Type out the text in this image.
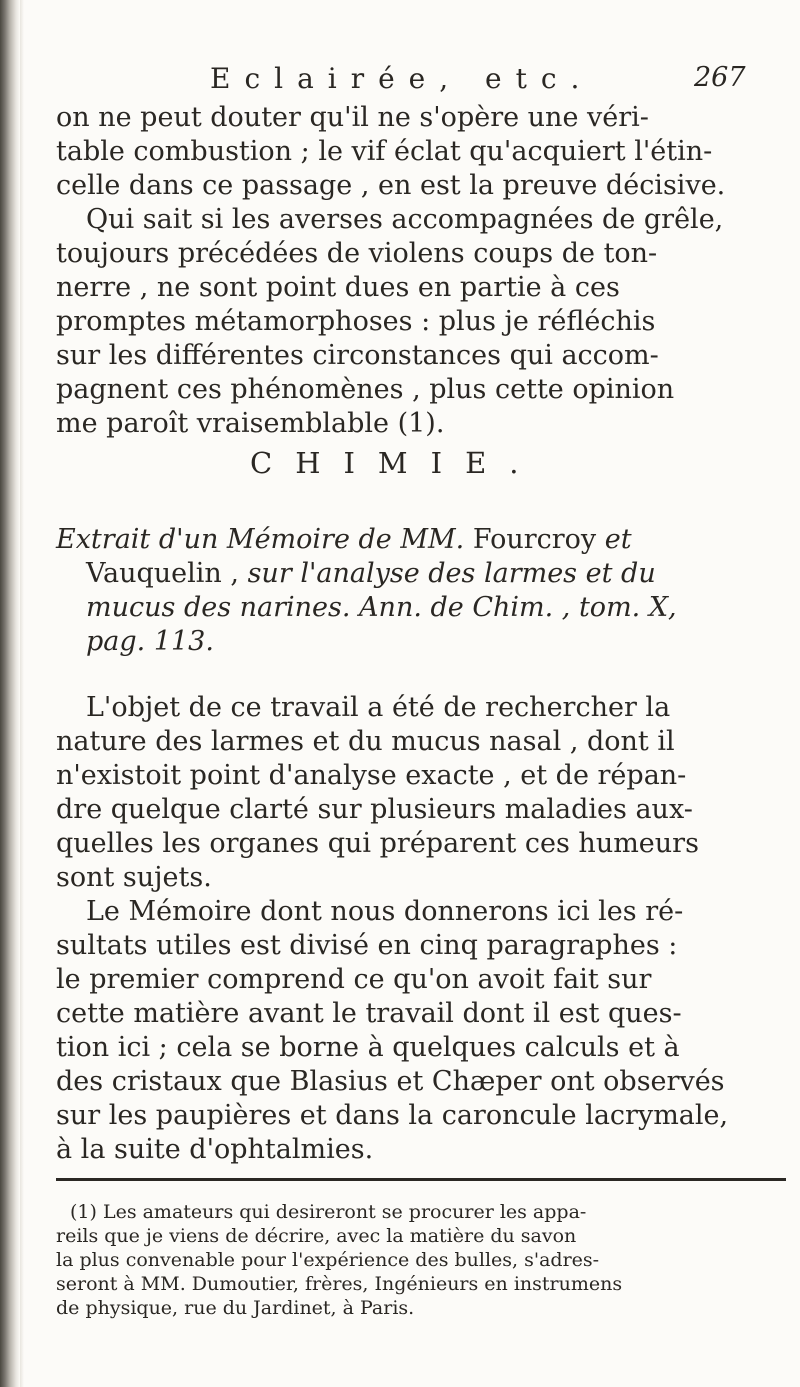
Eclairée, etc.	267
on ne peut douter qu'il ne s'opère une véri-
table combustion ; le vif éclat qu'acquiert l'étin-
celle dans ce passage , en est la preuve décisive.
Qui sait si les averses accompagnées de grêle,
toujours précédées de violens coups de ton-
nerre , ne sont point dues en partie à ces
promptes métamorphoses : plus je réfléchis
sur les différentes circonstances qui accom-
pagnent ces phénomènes , plus cette opinion
me paroît vraisemblable (1).
CHIMIE.
Extrait d'un Mémoire de MM. Fourcroy et
Vauquelin , sur l'analyse des larmes et du
mucus des narines. Ann. de Chim. , tom. X,
pag. 113.
L'objet de ce travail a été de rechercher la
nature des larmes et du mucus nasal , dont il
n'existoit point d'analyse exacte , et de répan-
dre quelque clarté sur plusieurs maladies aux-
quelles les organes qui préparent ces humeurs
sont sujets.
Le Mémoire dont nous donnerons ici les ré-
sultats utiles est divisé en cinq paragraphes :
le premier comprend ce qu'on avoit fait sur
cette matière avant le travail dont il est ques-
tion ici ; cela se borne à quelques calculs et à
des cristaux que Blasius et Chæper ont observés
sur les paupières et dans la caroncule lacrymale,
à la suite d'ophtalmies.
(1) Les amateurs qui desireront se procurer les appa-
reils que je viens de décrire, avec la matière du savon
la plus convenable pour l'expérience des bulles, s'adres-
seront à MM. Dumoutier, frères, Ingénieurs en instrumens
de physique, rue du Jardinet, à Paris.
